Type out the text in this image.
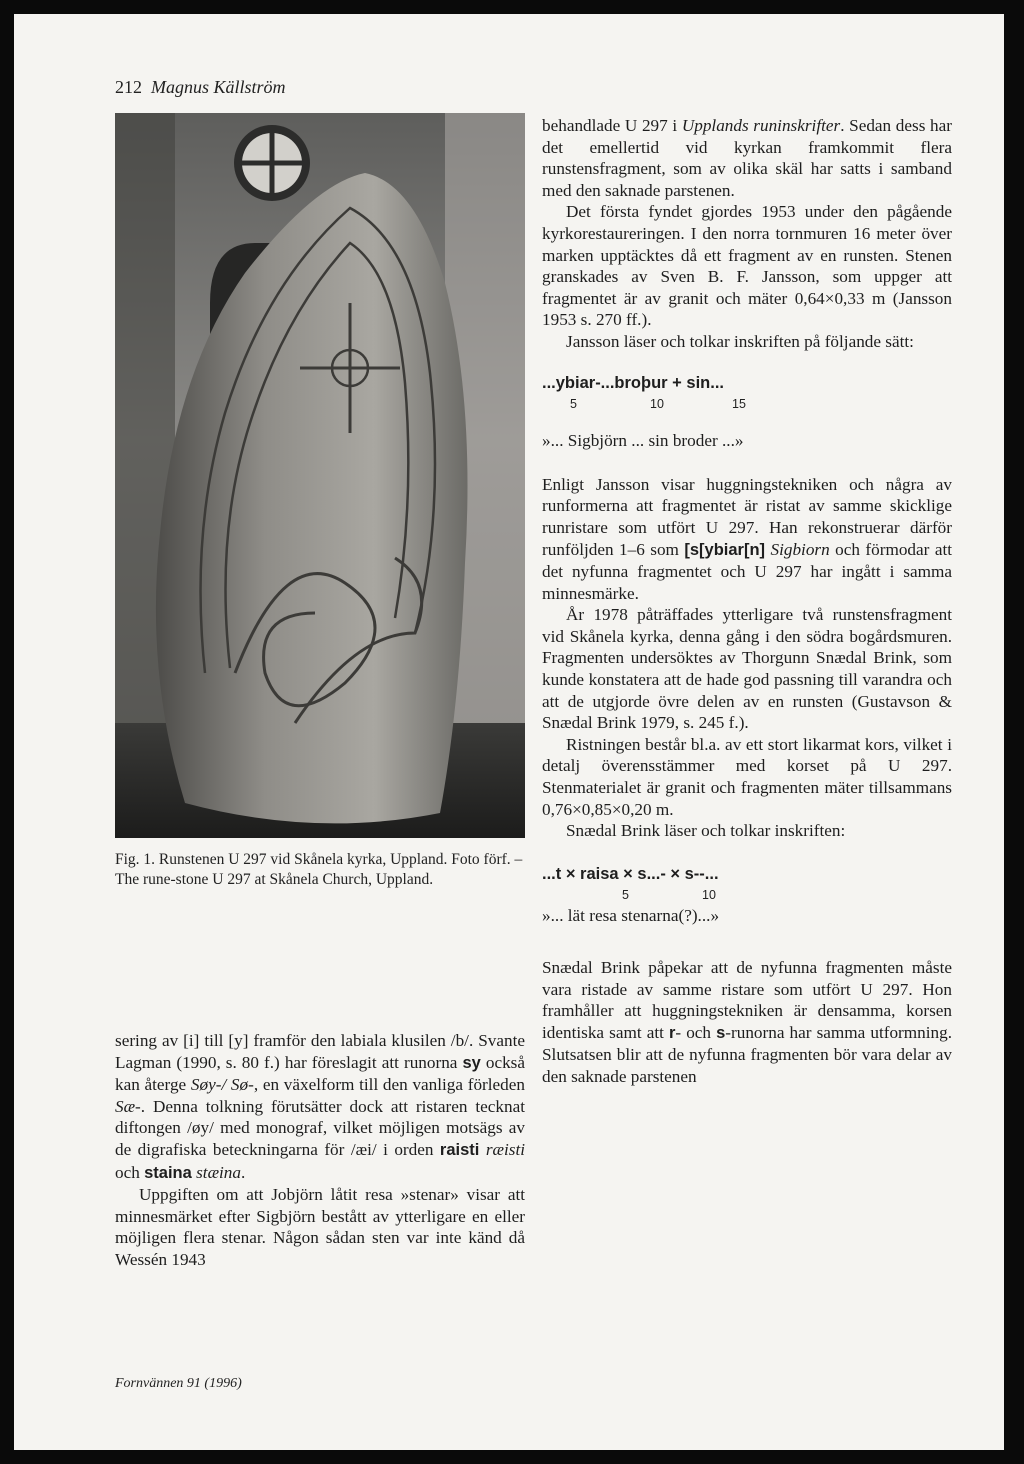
212 Magnus Källström
Fig. 1. Runstenen U 297 vid Skånela kyrka, Uppland. Foto förf. – The rune-stone U 297 at Skånela Church, Uppland.

sering av [i] till [y] framför den labiala klusilen /b/. Svante Lagman (1990, s. 80 f.) har föreslagit att runorna sy också kan återge Søy-/ Sø-, en växelform till den vanliga förleden Sæ-. Denna tolkning förutsätter dock att ristaren tecknat diftongen /øy/ med monograf, vilket möjligen motsägs av de digrafiska beteckningarna för /æi/ i orden raisti ræisti och staina stæina.

Uppgiften om att Jobjörn låtit resa »stenar» visar att minnesmärket efter Sigbjörn bestått av ytterligare en eller möjligen flera stenar. Någon sådan sten var inte känd då Wessén 1943

behandlade U 297 i Upplands runinskrifter. Sedan dess har det emellertid vid kyrkan framkommit flera runstensfragment, som av olika skäl har satts i samband med den saknade parstenen.

Det första fyndet gjordes 1953 under den pågående kyrkorestaureringen. I den norra tornmuren 16 meter över marken upptäcktes då ett fragment av en runsten. Stenen granskades av Sven B. F. Jansson, som uppger att fragmentet är av granit och mäter 0,64×0,33 m (Jansson 1953 s. 270 ff.).

Jansson läser och tolkar inskriften på följande sätt:

...ybiar-...broþur + sin...
5	10	15

»... Sigbjörn ... sin broder ...»

Enligt Jansson visar huggningstekniken och några av runformerna att fragmentet är ristat av samme skicklige runristare som utfört U 297. Han rekonstruerar därför runföljden 1–6 som [s[ybiar[n] Sigbiorn och förmodar att det nyfunna fragmentet och U 297 har ingått i samma minnesmärke.

År 1978 påträffades ytterligare två runstensfragment vid Skånela kyrka, denna gång i den södra bogårdsmuren. Fragmenten undersöktes av Thorgunn Snædal Brink, som kunde konstatera att de hade god passning till varandra och att de utgjorde övre delen av en runsten (Gustavson & Snædal Brink 1979, s. 245 f.).

Ristningen består bl.a. av ett stort likarmat kors, vilket i detalj överensstämmer med korset på U 297. Stenmaterialet är granit och fragmenten mäter tillsammans 0,76×0,85×0,20 m.

Snædal Brink läser och tolkar inskriften:

...t × raisa × s...- × s--...
5	10

»... lät resa stenarna(?)...»

Snædal Brink påpekar att de nyfunna fragmenten måste vara ristade av samme ristare som utfört U 297. Hon framhåller att huggningstekniken är densamma, korsen identiska samt att r- och s-runorna har samma utformning. Slutsatsen blir att de nyfunna fragmenten bör vara delar av den saknade parstenen

Fornvännen 91 (1996)
